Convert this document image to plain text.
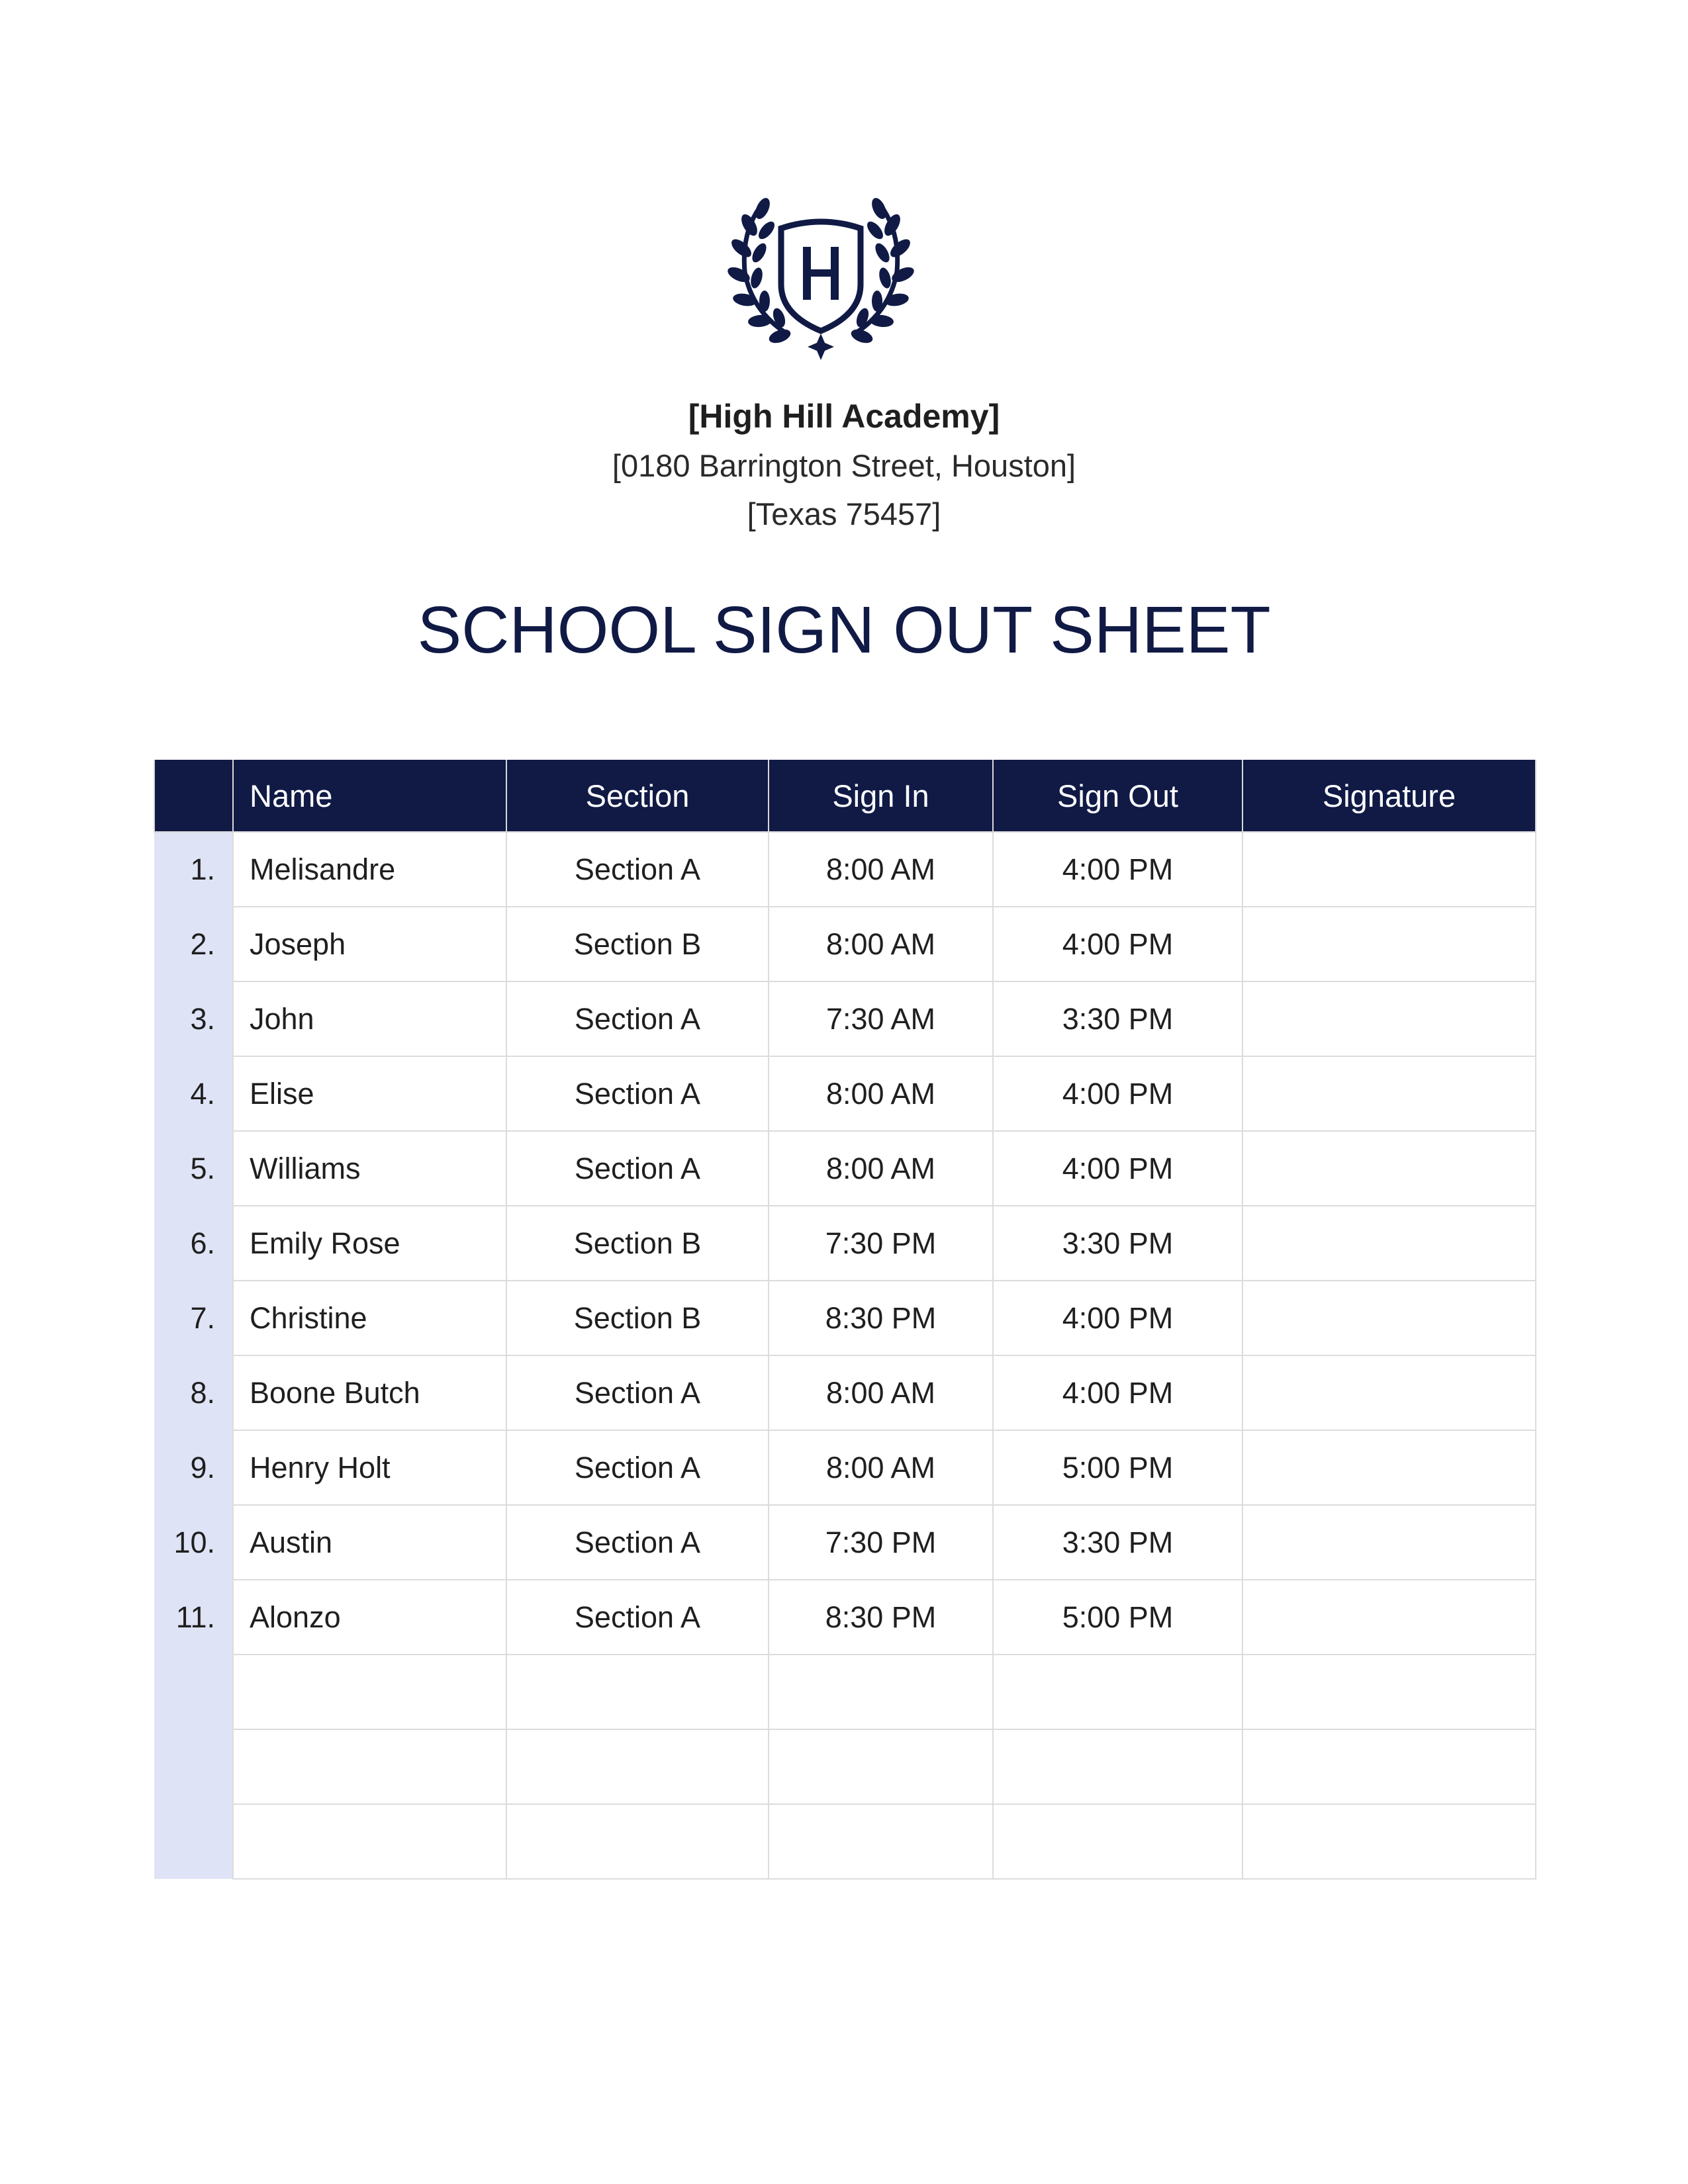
[High Hill Academy]
[0180 Barrington Street, Houston]
[Texas 75457]
SCHOOL SIGN OUT SHEET
	Name	Section	Sign In	Sign Out	Signature
1.	Melisandre	Section A	8:00 AM	4:00 PM	
2.	Joseph	Section B	8:00 AM	4:00 PM	
3.	John	Section A	7:30 AM	3:30 PM	
4.	Elise	Section A	8:00 AM	4:00 PM	
5.	Williams	Section A	8:00 AM	4:00 PM	
6.	Emily Rose	Section B	7:30 PM	3:30 PM	
7.	Christine	Section B	8:30 PM	4:00 PM	
8.	Boone Butch	Section A	8:00 AM	4:00 PM	
9.	Henry Holt	Section A	8:00 AM	5:00 PM	
10.	Austin	Section A	7:30 PM	3:30 PM	
11.	Alonzo	Section A	8:30 PM	5:00 PM	
